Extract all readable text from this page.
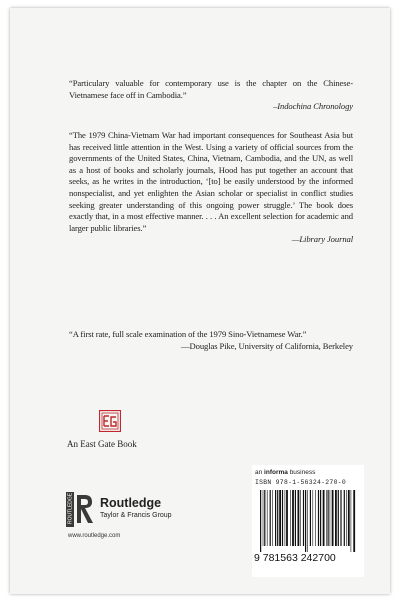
“Particulary valuable for contemporary use is the chapter on the Chinese-Vietnamese face off in Cambodia.”

–Indochina Chronology

“The 1979 China-Vietnam War had important consequences for Southeast Asia but has received little attention in the West. Using a variety of official sources from the governments of the United States, China, Vietnam, Cambodia, and the UN, as well as a host of books and scholarly journals, Hood has put together an account that seeks, as he writes in the introduction, ‘[to] be easily understood by the informed nonspecialist, and yet enlighten the Asian scholar or specialist in conflict studies seeking greater understanding of this ongoing power struggle.’ The book does exactly that, in a most effective manner. . . . An excellent selection for academic and larger public libraries.”

—Library Journal

“A first rate, full scale examination of the 1979 Sino-Vietnamese War.”

—Douglas Pike, University of California, Berkeley

An East Gate Book
ROUTLEDGE Routledge
Taylor & Francis Group
www.routledge.com
an informa business
ISBN 978-1-56324-270-0
9 781563 242700
